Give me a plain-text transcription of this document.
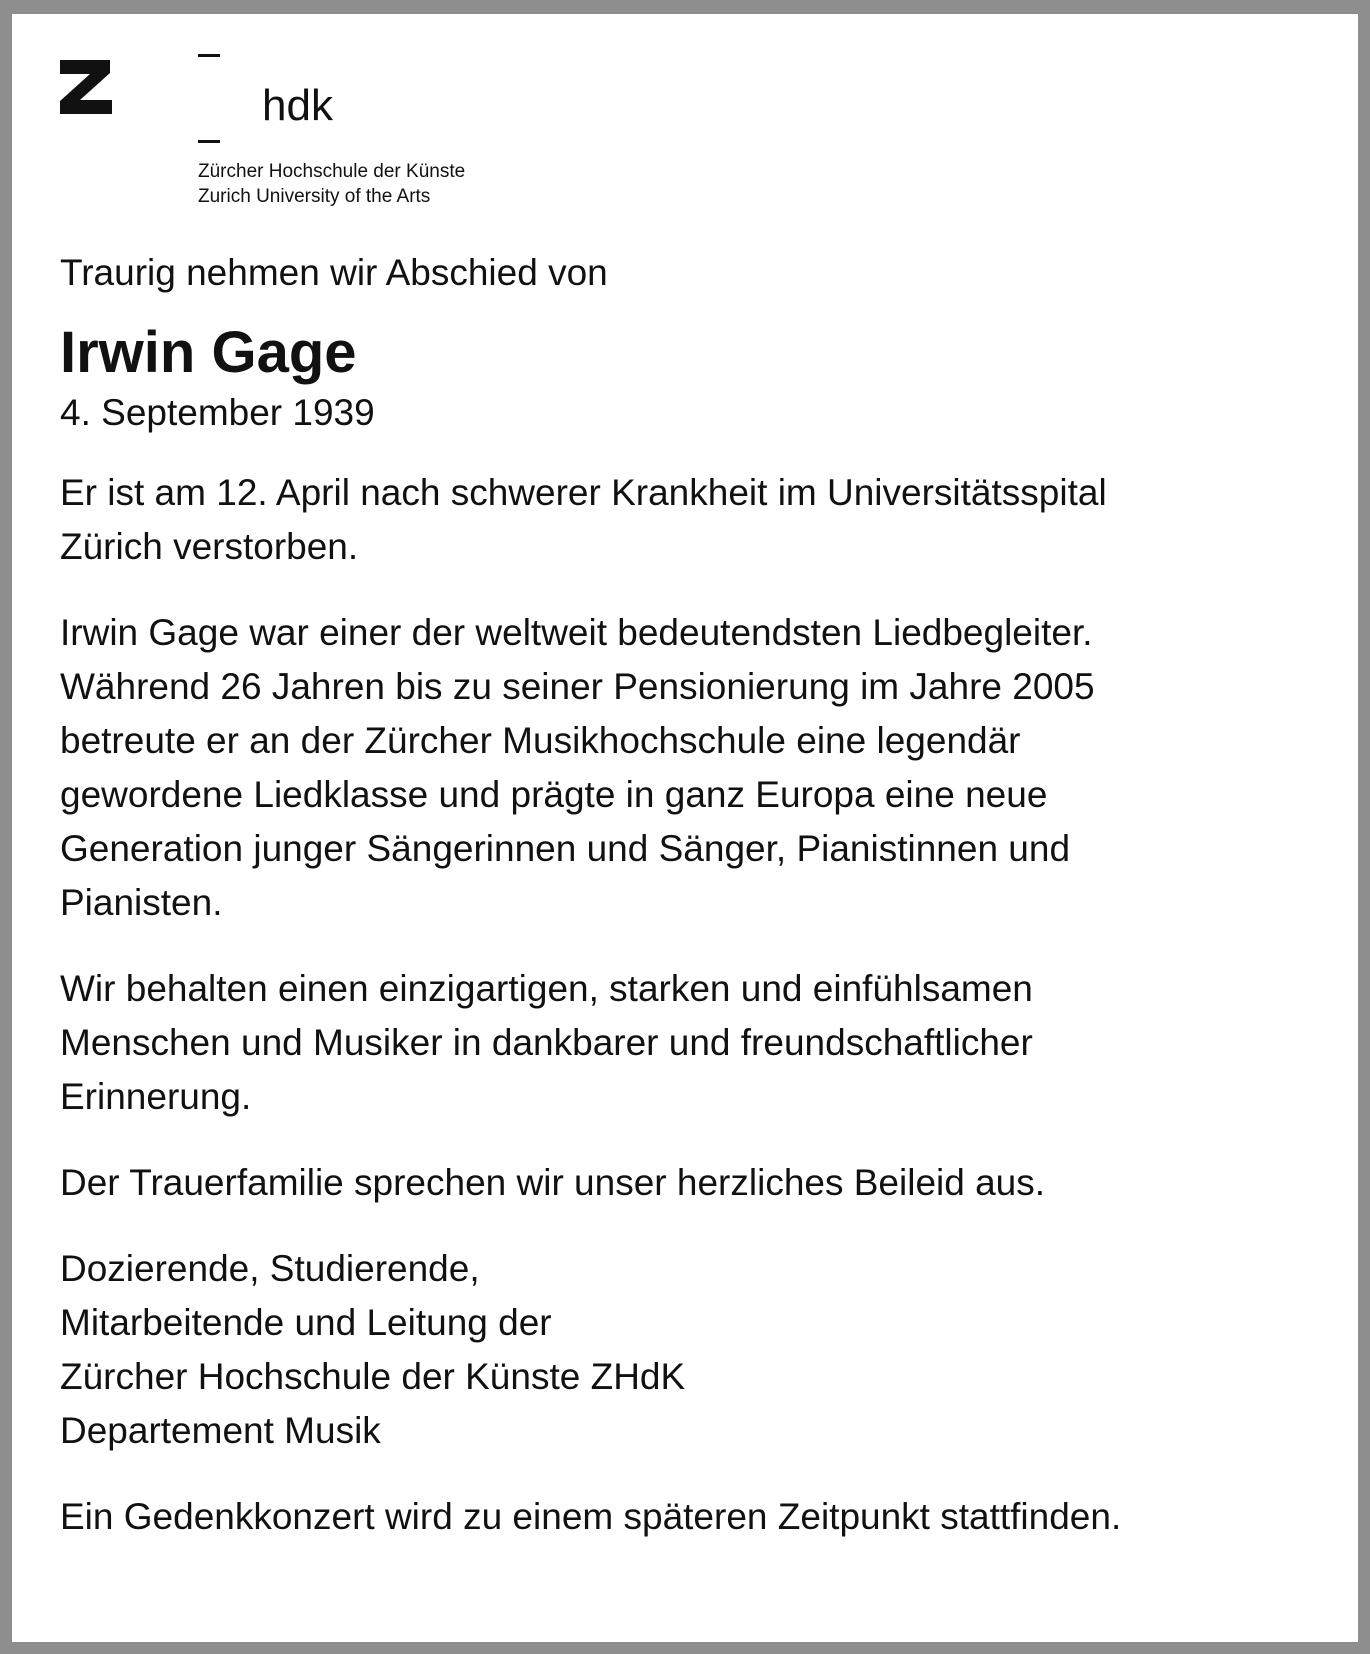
hdk
Zürcher Hochschule der Künste
Zurich University of the Arts

Traurig nehmen wir Abschied von

Irwin Gage

4. September 1939

Er ist am 12. April nach schwerer Krankheit im Universitätsspital
Zürich verstorben.

Irwin Gage war einer der weltweit bedeutendsten Liedbegleiter.
Während 26 Jahren bis zu seiner Pensionierung im Jahre 2005
betreute er an der Zürcher Musikhochschule eine legendär
gewordene Liedklasse und prägte in ganz Europa eine neue
Generation junger Sängerinnen und Sänger, Pianistinnen und
Pianisten.

Wir behalten einen einzigartigen, starken und einfühlsamen
Menschen und Musiker in dankbarer und freundschaftlicher
Erinnerung.

Der Trauerfamilie sprechen wir unser herzliches Beileid aus.

Dozierende, Studierende,
Mitarbeitende und Leitung der
Zürcher Hochschule der Künste ZHdK
Departement Musik

Ein Gedenkkonzert wird zu einem späteren Zeitpunkt stattfinden.
